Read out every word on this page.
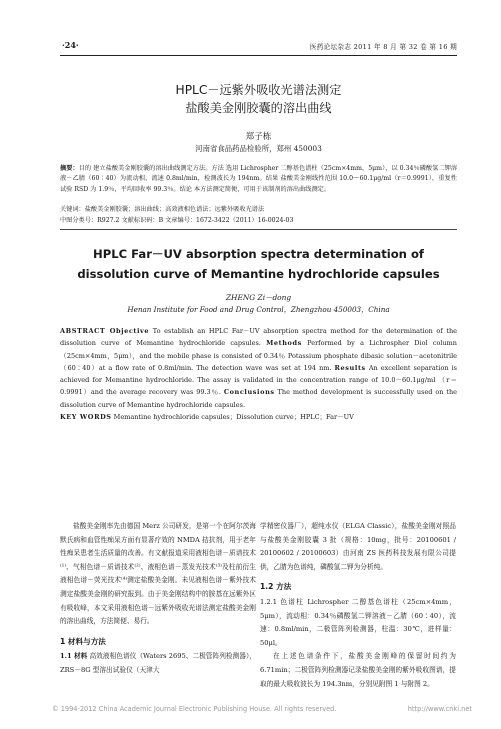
·24·	医药论坛杂志 2011 年 8 月 第 32 卷 第 16 期
HPLC－远紫外吸收光谱法测定
盐酸美金刚胶囊的溶出曲线
郑子栋
河南省食品药品检验所，郑州 450003
摘要：目的 建立盐酸美金刚胶囊的溶出曲线测定方法。方法 选用 Lichrospher 二醇基色谱柱（25cm×4mm，5μm），以 0.34％磷酸氢二钾溶液－乙腈（60∶40）为流动相，流速 0.8ml/min，检测波长为 194nm。结果 盐酸美金刚线性范围 10.0～60.1μg/ml（r＝0.9991），重复性试验 RSD 为 1.9％，平均回收率 99.3％。结论 本方法测定简便，可用于该制剂的溶出曲线测定。
关键词：盐酸美金刚胶囊；溶出曲线；高效液相色谱法；远紫外吸收光谱法
中图分类号：R927.2 文献标识码：B 文章编号：1672-3422（2011）16-0024-03
HPLC Far－UV absorption spectra determination of
dissolution curve of Memantine hydrochloride capsules
ZHENG Zi－dong
Henan Institute for Food and Drug Control，Zhengzhou 450003，China
ABSTRACT Objective To establish an HPLC Far－UV absorption spectra method for the determination of the dissolution curve of Memantine hydrochloride capsules. Methods Performed by a Lichrospher Diol column （25cm×4mm，5μm），and the mobile phase is consisted of 0.34％ Potassium phosphate dibasic solution－acetonitrile（60∶40）at a flow rate of 0.8ml/min. The detection wave was set at 194 nm. Results An excellent separation is achieved for Memantine hydrochloride. The assay is validated in the concentration range of 10.0－60.1μg/ml （r＝0.9991）and the average recovery was 99.3％. Conclusions The method development is successfully used on the dissolution curve of Memantine hydrochloride capsules.
KEY WORDS Memantine hydrochloride capsules；Dissolution curve；HPLC；Far－UV

盐酸美金刚率先由德国 Merz 公司研发，是第一个在阿尔茨海默氏病和血管性痴呆方面有显著疗效的 NMDA 拮抗剂，用于老年性痴呆患者生活质量的改善。有文献报道采用液相色谱－质谱技术⁽¹⁾、气相色谱－质谱技术⁽²⁾、液相色谱－蒸发光技术⁽³⁾及柱前衍生液相色谱－荧光技术⁽⁴⁾测定盐酸美金刚。未见液相色谱－紫外技术测定盐酸美金刚的研究报到。由于美金刚结构中的胺基在远紫外区有吸收峰，本文采用液相色谱－远紫外吸收光谱法测定盐酸美金刚的溶出曲线，方法简便、易行。

1 材料与方法

1.1 材料 高效液相色谱仪（Waters 2695、二极管阵列检测器），ZRS－8G 型溶出试验仪（天津大

学精密仪器厂），超纯水仪（ELGA Classic），盐酸美金刚对照品与盐酸美金刚胶囊 3 批（规格：10mg，批号：20100601 / 20100602 / 20100603）由河南 ZS 医药科技发展有限公司提供，乙腈为色谱纯，磷酸氢二钾为分析纯。

1.2 方法

1.2.1 色谱柱 Lichrospher 二醇基色谱柱（25cm×4mm，5μm），流动相：0.34％磷酸氢二钾溶液－乙腈（60∶40），流速：0.8ml/min，二极管阵列检测器，柱温：30℃，进样量：50μl。

在上述色谱条件下，盐酸美金刚峰的保留时间约为 6.71min；二极管阵列检测器记录盐酸美金刚的紫外吸收图谱，提取的最大吸收波长为 194.3nm，分别见附图 1 与附图 2。

© 1994-2012 China Academic Journal Electronic Publishing House. All rights reserved.	http://www.cnki.net
